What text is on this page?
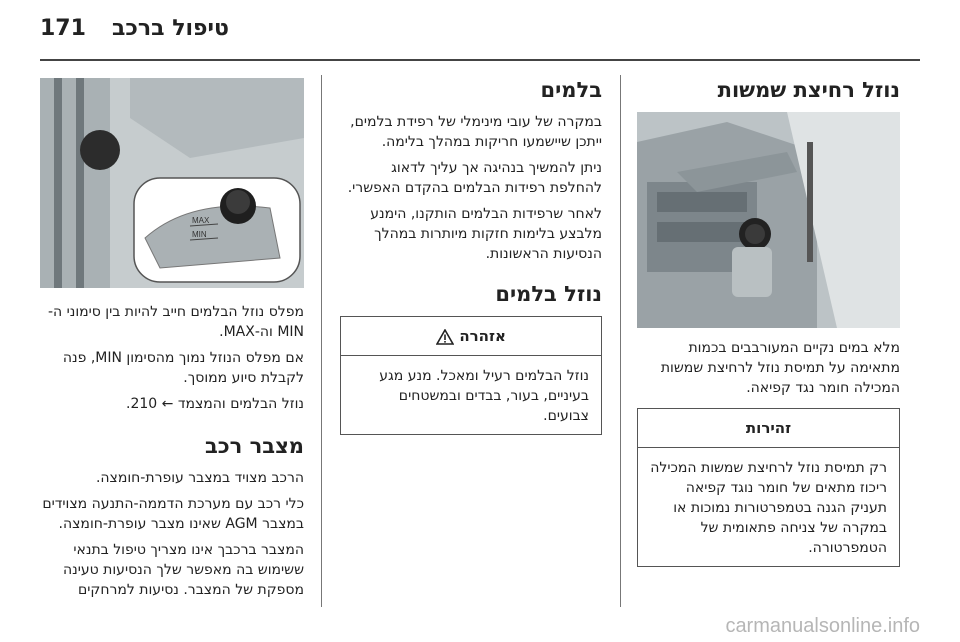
171 טיפול ברכב
נוזל רחיצת שמשות

מלא במים נקיים המעורבבים בכמות מתאימה על תמיסת נוזל לרחיצת שמשות המכילה חומר נגד קפיאה.

זהירות
רק תמיסת נוזל לרחיצת שמשות המכילה ריכוז מתאים של חומר נוגד קפיאה תעניק הגנה בטמפרטורות נמוכות או במקרה של צניחה פתאומית של הטמפרטורה.
בלמים

במקרה של עובי מינימלי של רפידת בלמים, ייתכן שיישמעו חריקות במהלך בלימה.

ניתן להמשיך בנהיגה אך עליך לדאוג להחלפת רפידות הבלמים בהקדם האפשרי.

לאחר שרפידות הבלמים הותקנו, הימנע מלבצע בלימות חזקות מיותרות במהלך הנסיעות הראשונות.

נוזל בלמים
אזהרה
נוזל הבלמים רעיל ומאכל. מנע מגע בעיניים, בעור, בבדים ובמשטחים צבועים.
MAX
MIN

מפלס נוזל הבלמים חייב להיות בין סימוני ה-MIN וה-MAX.

אם מפלס הנוזל נמוך מהסימון MIN, פנה לקבלת סיוע ממוסך.

נוזל הבלמים והמצמד ← 210.

מצבר רכב

הרכב מצויד במצבר עופרת-חומצה.

כלי רכב עם מערכת הדממה-התנעה מצוידים במצבר AGM שאינו מצבר עופרת-חומצה.

המצבר ברכבך אינו מצריך טיפול בתנאי ששימוש בה מאפשר שלך הנסיעות טעינה מספקת של המצבר. נסיעות למרחקים

carmanualsonline.info
